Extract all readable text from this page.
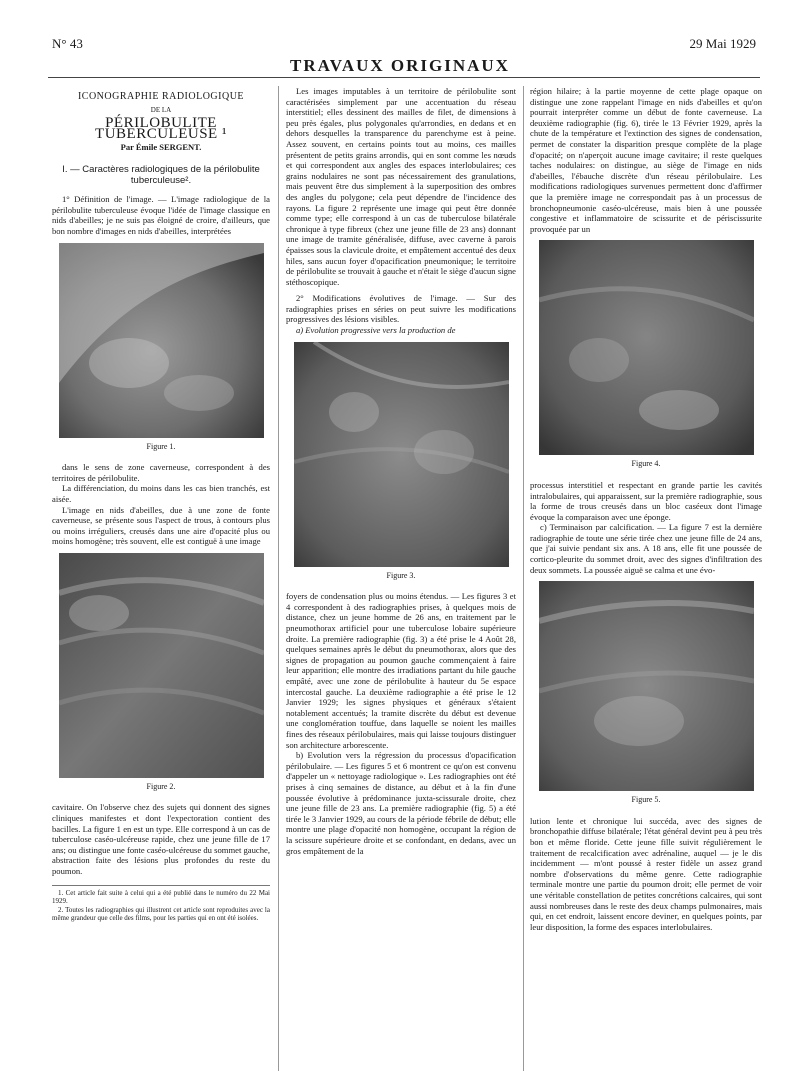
N° 43	29 Mai 1929
TRAVAUX ORIGINAUX
ICONOGRAPHIE RADIOLOGIQUE
DE LA
PÉRILOBULITE TUBERCULEUSE ¹
Par Émile SERGENT.
I. — Caractères radiologiques de la périlobulite tuberculeuse².

1° Définition de l'image. — L'image radiologique de la périlobulite tuberculeuse évoque l'idée de l'image classique en nids d'abeilles; je ne suis pas éloigné de croire, d'ailleurs, que bon nombre d'images en nids d'abeilles, interprétées

Figure 1.

dans le sens de zone caverneuse, correspondent à des territoires de périlobulite.

La différenciation, du moins dans les cas bien tranchés, est aisée.

L'image en nids d'abeilles, due à une zone de fonte caverneuse, se présente sous l'aspect de trous, à contours plus ou moins irréguliers, creusés dans une aire d'opacité plus ou moins homogène; très souvent, elle est contiguë à une image

Figure 2.

cavitaire. On l'observe chez des sujets qui donnent des signes cliniques manifestes et dont l'expectoration contient des bacilles. La figure 1 en est un type. Elle correspond à un cas de tuberculose caséo-ulcéreuse rapide, chez une jeune fille de 17 ans; ou distingue une fonte caséo-ulcéreuse du sommet gauche, abstraction faite des lésions plus profondes du reste du poumon.

1. Cet article fait suite à celui qui a été publié dans le numéro du 22 Mai 1929.

2. Toutes les radiographies qui illustrent cet article sont reproduites avec la même grandeur que celle des films, pour les parties qui en ont été isolées.

Les images imputables à un territoire de périlobulite sont caractérisées simplement par une accentuation du réseau interstitiel; elles dessinent des mailles de filet, de dimensions à peu près égales, plus polygonales qu'arrondies, en dedans et en dehors desquelles la transparence du parenchyme est à peine. Assez souvent, en certains points tout au moins, ces mailles présentent de petits grains arrondis, qui en sont comme les nœuds et qui correspondent aux angles des espaces interlobulaires; ces grains nodulaires ne sont pas nécessairement des granulations, mais peuvent être dus simplement à la superposition des ombres des angles du polygone; cela peut dépendre de l'incidence des rayons. La figure 2 représente une image qui peut être donnée comme type; elle correspond à un cas de tuberculose bilatérale chronique à type fibreux (chez une jeune fille de 23 ans) donnant une image de tramite généralisée, diffuse, avec caverne à parois épaisses sous la clavicule droite, et empâtement accentué des deux hiles, sans aucun foyer d'opacification pneumonique; le territoire de périlobulite se trouvait à gauche et n'était le siège d'aucun signe stéthoscopique.

2° Modifications évolutives de l'image. — Sur des radiographies prises en séries on peut suivre les modifications progressives des lésions visibles.

a) Evolution progressive vers la production de

Figure 3.

foyers de condensation plus ou moins étendus. — Les figures 3 et 4 correspondent à des radiographies prises, à quelques mois de distance, chez un jeune homme de 26 ans, en traitement par le pneumothorax artificiel pour une tuberculose lobaire supérieure droite. La première radiographie (fig. 3) a été prise le 4 Août 28, quelques semaines après le début du pneumothorax, alors que des signes de propagation au poumon gauche commençaient à faire leur apparition; elle montre des irradiations partant du hile gauche empâté, avec une zone de périlobulite à hauteur du 5e espace intercostal gauche. La deuxième radiographie a été prise le 12 Janvier 1929; les signes physiques et généraux s'étaient notablement accentués; la tramite discrète du début est devenue une conglomération touffue, dans laquelle se noient les mailles fines des réseaux périlobulaires, mais qui laisse toujours distinguer son architecture arborescente.

b) Evolution vers la régression du processus d'opacification périlobulaire. — Les figures 5 et 6 montrent ce qu'on est convenu d'appeler un « nettoyage radiologique ». Les radiographies ont été prises à cinq semaines de distance, au début et à la fin d'une poussée évolutive à prédominance juxta-scissurale droite, chez une jeune fille de 23 ans. La première radiographie (fig. 5) a été tirée le 3 Janvier 1929, au cours de la période fébrile de début; elle montre une plage d'opacité non homogène, occupant la région de la scissure supérieure droite et se confondant, en dedans, avec un gros empâtement de la

région hilaire; à la partie moyenne de cette plage opaque on distingue une zone rappelant l'image en nids d'abeilles et qu'on pourrait interpréter comme un début de fonte caverneuse. La deuxième radiographie (fig. 6), tirée le 13 Février 1929, après la chute de la température et l'extinction des signes de condensation, permet de constater la disparition presque complète de la plage d'opacité; on n'aperçoit aucune image cavitaire; il reste quelques taches nodulaires: on distingue, au siège de l'image en nids d'abeilles, l'ébauche discrète d'un réseau périlobulaire. Les modifications radiologiques survenues permettent donc d'affirmer que la première image ne correspondait pas à un processus de bronchopneumonie caséo-ulcéreuse, mais bien à une poussée congestive et inflammatoire de scissurite et de périscissurite provoquée par un

Figure 4.

processus interstitiel et respectant en grande partie les cavités intralobulaires, qui apparaissent, sur la première radiographie, sous la forme de trous creusés dans un bloc caséeux dont l'image évoque la comparaison avec une éponge.

c) Terminaison par calcification. — La figure 7 est la dernière radiographie de toute une série tirée chez une jeune fille de 24 ans, que j'ai suivie pendant six ans. A 18 ans, elle fit une poussée de cortico-pleurite du sommet droit, avec des signes d'infiltration des deux sommets. La poussée aiguë se calma et une évo-

Figure 5.

lution lente et chronique lui succéda, avec des signes de bronchopathie diffuse bilatérale; l'état général devint peu à peu très bon et même floride. Cette jeune fille suivit régulièrement le traitement de recalcification avec adrénaline, auquel — je le dis incidemment — m'ont poussé à rester fidèle un assez grand nombre d'observations du même genre. Cette radiographie terminale montre une partie du poumon droit; elle permet de voir une véritable constellation de petites concrétions calcaires, qui sont aussi nombreuses dans le reste des deux champs pulmonaires, mais qui, en cet endroit, laissent encore deviner, en quelques points, par leur disposition, la forme des espaces interlobulaires.
